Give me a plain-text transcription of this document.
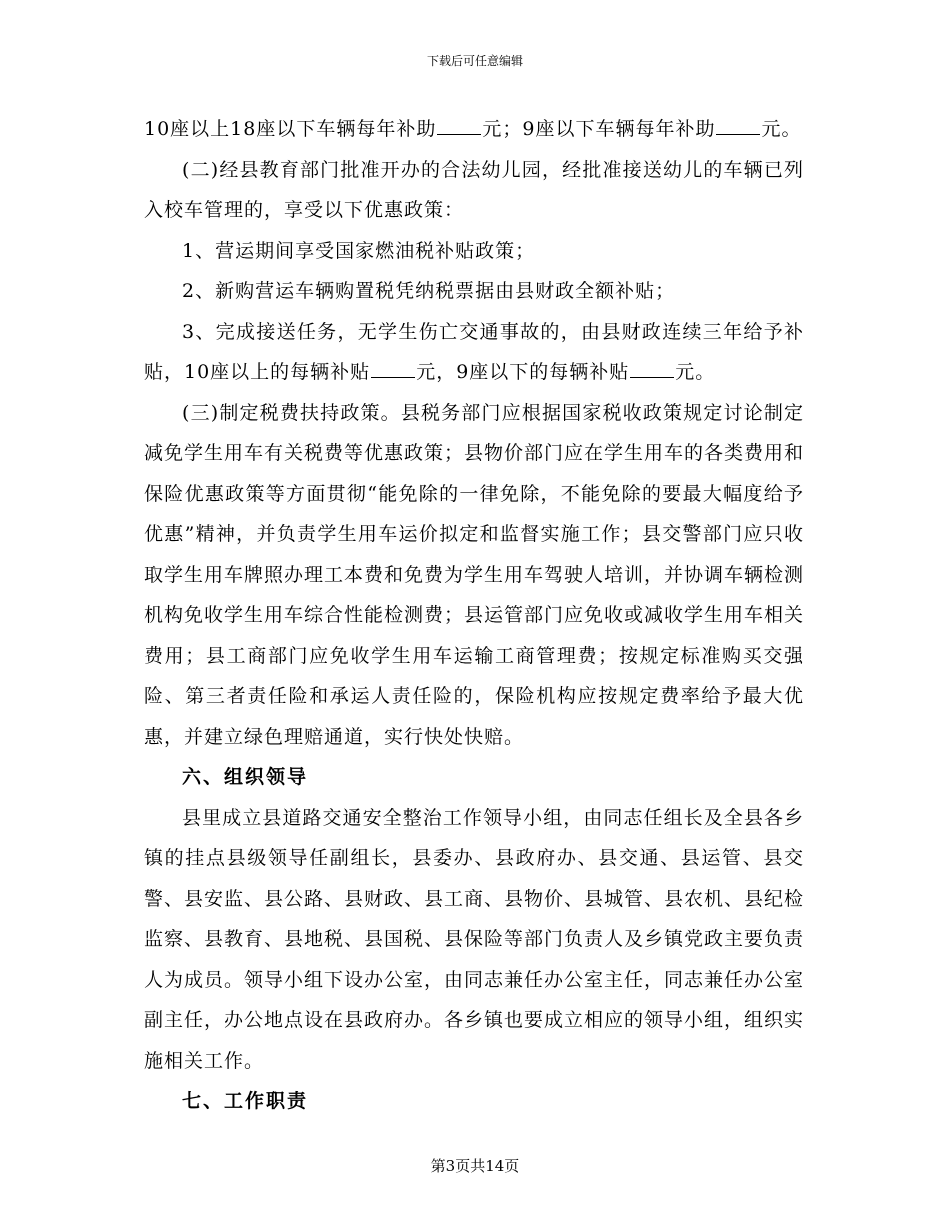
下载后可任意编辑

10座以上18座以下车辆每年补助 元；9座以下车辆每年补助 元。

(二)经县教育部门批准开办的合法幼儿园，经批准接送幼儿的车辆已列入校车管理的，享受以下优惠政策：

1、营运期间享受国家燃油税补贴政策；

2、新购营运车辆购置税凭纳税票据由县财政全额补贴；

3、完成接送任务，无学生伤亡交通事故的，由县财政连续三年给予补贴，10座以上的每辆补贴 元，9座以下的每辆补贴 元。

(三)制定税费扶持政策。县税务部门应根据国家税收政策规定讨论制定减免学生用车有关税费等优惠政策；县物价部门应在学生用车的各类费用和保险优惠政策等方面贯彻“能免除的一律免除，不能免除的要最大幅度给予优惠”精神，并负责学生用车运价拟定和监督实施工作；县交警部门应只收取学生用车牌照办理工本费和免费为学生用车驾驶人培训，并协调车辆检测机构免收学生用车综合性能检测费；县运管部门应免收或减收学生用车相关费用；县工商部门应免收学生用车运输工商管理费；按规定标准购买交强险、第三者责任险和承运人责任险的，保险机构应按规定费率给予最大优惠，并建立绿色理赔通道，实行快处快赔。

六、组织领导

县里成立县道路交通安全整治工作领导小组，由同志任组长及全县各乡镇的挂点县级领导任副组长，县委办、县政府办、县交通、县运管、县交警、县安监、县公路、县财政、县工商、县物价、县城管、县农机、县纪检监察、县教育、县地税、县国税、县保险等部门负责人及乡镇党政主要负责人为成员。领导小组下设办公室，由同志兼任办公室主任，同志兼任办公室副主任，办公地点设在县政府办。各乡镇也要成立相应的领导小组，组织实施相关工作。

七、工作职责

第3页共14页
